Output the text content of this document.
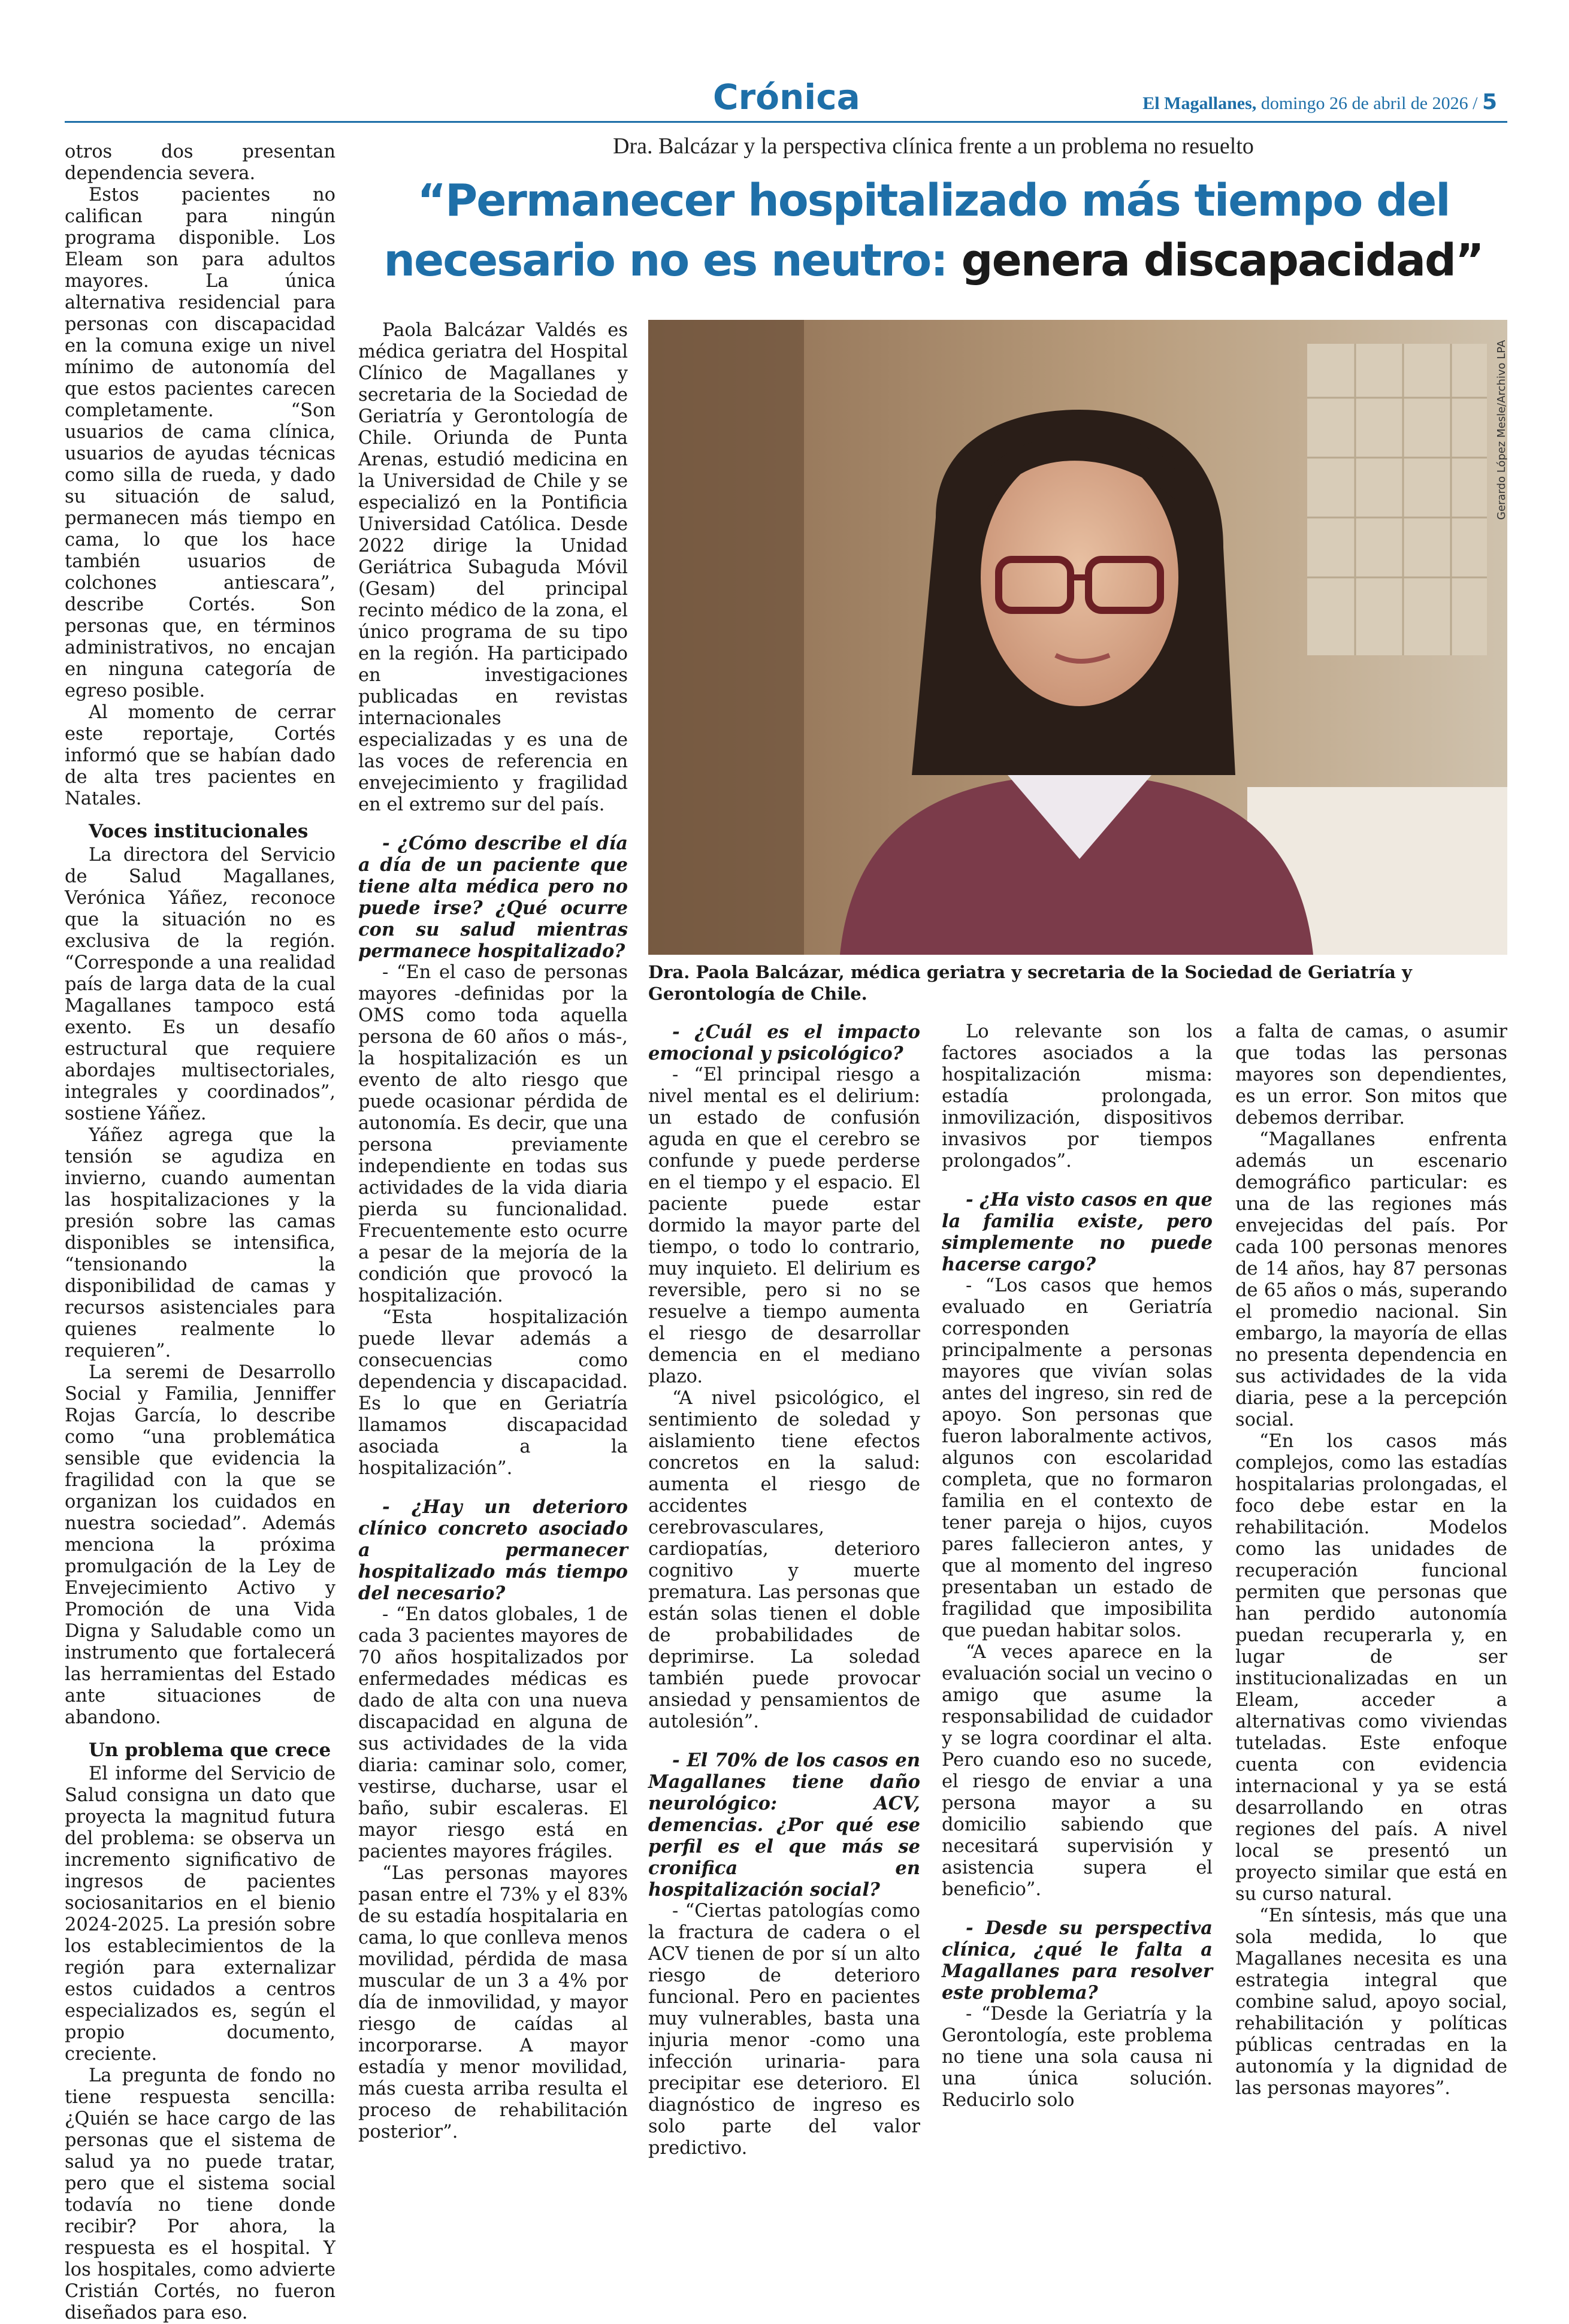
Crónica	El Magallanes, domingo 26 de abril de 2026 / 5
Dra. Balcázar y la perspectiva clínica frente a un problema no resuelto
“Permanecer hospitalizado más tiempo del
necesario no es neutro: genera discapacidad”

otros dos presentan dependencia severa.

Estos pacientes no califican para ningún programa disponible. Los Eleam son para adultos mayores. La única alternativa residencial para personas con discapacidad en la comuna exige un nivel mínimo de autonomía del que estos pacientes carecen completamente. “Son usuarios de cama clínica, usuarios de ayudas técnicas como silla de rueda, y dado su situación de salud, permanecen más tiempo en cama, lo que los hace también usuarios de colchones antiescara”, describe Cortés. Son personas que, en términos administrativos, no encajan en ninguna categoría de egreso posible.

Al momento de cerrar este reportaje, Cortés informó que se habían dado de alta tres pacientes en Natales.

Voces institucionales

La directora del Servicio de Salud Magallanes, Verónica Yáñez, reconoce que la situación no es exclusiva de la región. “Corresponde a una realidad país de larga data de la cual Magallanes tampoco está exento. Es un desafío estructural que requiere abordajes multisectoriales, integrales y coordinados”, sostiene Yáñez.

Yáñez agrega que la tensión se agudiza en invierno, cuando aumentan las hospitalizaciones y la presión sobre las camas disponibles se intensifica, “tensionando la disponibilidad de camas y recursos asistenciales para quienes realmente lo requieren”.

La seremi de Desarrollo Social y Familia, Jenniffer Rojas García, lo describe como “una problemática sensible que evidencia la fragilidad con la que se organizan los cuidados en nuestra sociedad”. Además menciona la próxima promulgación de la Ley de Envejecimiento Activo y Promoción de una Vida Digna y Saludable como un instrumento que fortalecerá las herramientas del Estado ante situaciones de abandono.

Un problema que crece

El informe del Servicio de Salud consigna un dato que proyecta la magnitud futura del problema: se observa un incremento significativo de ingresos de pacientes sociosanitarios en el bienio 2024-2025. La presión sobre los establecimientos de la región para externalizar estos cuidados a centros especializados es, según el propio documento, creciente.

La pregunta de fondo no tiene respuesta sencilla: ¿Quién se hace cargo de las personas que el sistema de salud ya no puede tratar, pero que el sistema social todavía no tiene donde recibir? Por ahora, la respuesta es el hospital. Y los hospitales, como advierte Cristián Cortés, no fueron diseñados para eso.

Paola Balcázar Valdés es médica geriatra del Hospital Clínico de Magallanes y secretaria de la Sociedad de Geriatría y Gerontología de Chile. Oriunda de Punta Arenas, estudió medicina en la Universidad de Chile y se especializó en la Pontificia Universidad Católica. Desde 2022 dirige la Unidad Geriátrica Subaguda Móvil (Gesam) del principal recinto médico de la zona, el único programa de su tipo en la región. Ha participado en investigaciones publicadas en revistas internacionales especializadas y es una de las voces de referencia en envejecimiento y fragilidad en el extremo sur del país.

- ¿Cómo describe el día a día de un paciente que tiene alta médica pero no puede irse? ¿Qué ocurre con su salud mientras permanece hospitalizado?

- “En el caso de personas mayores -definidas por la OMS como toda aquella persona de 60 años o más-, la hospitalización es un evento de alto riesgo que puede ocasionar pérdida de autonomía. Es decir, que una persona previamente independiente en todas sus actividades de la vida diaria pierda su funcionalidad. Frecuentemente esto ocurre a pesar de la mejoría de la condición que provocó la hospitalización.

“Esta hospitalización puede llevar además a consecuencias como dependencia y discapacidad. Es lo que en Geriatría llamamos discapacidad asociada a la hospitalización”.

- ¿Hay un deterioro clínico concreto asociado a permanecer hospitalizado más tiempo del necesario?

- “En datos globales, 1 de cada 3 pacientes mayores de 70 años hospitalizados por enfermedades médicas es dado de alta con una nueva discapacidad en alguna de sus actividades de la vida diaria: caminar solo, comer, vestirse, ducharse, usar el baño, subir escaleras. El mayor riesgo está en pacientes mayores frágiles.

“Las personas mayores pasan entre el 73% y el 83% de su estadía hospitalaria en cama, lo que conlleva menos movilidad, pérdida de masa muscular de un 3 a 4% por día de inmovilidad, y mayor riesgo de caídas al incorporarse. A mayor estadía y menor movilidad, más cuesta arriba resulta el proceso de rehabilitación posterior”.

Gerardo López Mesle/Archivo LPA
Dra. Paola Balcázar, médica geriatra y secretaria de la Sociedad de Geriatría y Gerontología de Chile.

- ¿Cuál es el impacto emocional y psicológico?

- “El principal riesgo a nivel mental es el delirium: un estado de confusión aguda en que el cerebro se confunde y puede perderse en el tiempo y el espacio. El paciente puede estar dormido la mayor parte del tiempo, o todo lo contrario, muy inquieto. El delirium es reversible, pero si no se resuelve a tiempo aumenta el riesgo de desarrollar demencia en el mediano plazo.

“A nivel psicológico, el sentimiento de soledad y aislamiento tiene efectos concretos en la salud: aumenta el riesgo de accidentes cerebrovasculares, cardiopatías, deterioro cognitivo y muerte prematura. Las personas que están solas tienen el doble de probabilidades de deprimirse. La soledad también puede provocar ansiedad y pensamientos de autolesión”.

- El 70% de los casos en Magallanes tiene daño neurológico: ACV, demencias. ¿Por qué ese perfil es el que más se cronifica en hospitalización social?

- “Ciertas patologías como la fractura de cadera o el ACV tienen de por sí un alto riesgo de deterioro funcional. Pero en pacientes muy vulnerables, basta una injuria menor -como una infección urinaria- para precipitar ese deterioro. El diagnóstico de ingreso es solo parte del valor predictivo.

Lo relevante son los factores asociados a la hospitalización misma: estadía prolongada, inmovilización, dispositivos invasivos por tiempos prolongados”.

- ¿Ha visto casos en que la familia existe, pero simplemente no puede hacerse cargo?

- “Los casos que hemos evaluado en Geriatría corresponden principalmente a personas mayores que vivían solas antes del ingreso, sin red de apoyo. Son personas que fueron laboralmente activos, algunos con escolaridad completa, que no formaron familia en el contexto de tener pareja o hijos, cuyos pares fallecieron antes, y que al momento del ingreso presentaban un estado de fragilidad que imposibilita que puedan habitar solos.

“A veces aparece en la evaluación social un vecino o amigo que asume la responsabilidad de cuidador y se logra coordinar el alta. Pero cuando eso no sucede, el riesgo de enviar a una persona mayor a su domicilio sabiendo que necesitará supervisión y asistencia supera el beneficio”.

- Desde su perspectiva clínica, ¿qué le falta a Magallanes para resolver este problema?

- “Desde la Geriatría y la Gerontología, este problema no tiene una sola causa ni una única solución. Reducirlo solo

a falta de camas, o asumir que todas las personas mayores son dependientes, es un error. Son mitos que debemos derribar.

“Magallanes enfrenta además un escenario demográfico particular: es una de las regiones más envejecidas del país. Por cada 100 personas menores de 14 años, hay 87 personas de 65 años o más, superando el promedio nacional. Sin embargo, la mayoría de ellas no presenta dependencia en sus actividades de la vida diaria, pese a la percepción social.

“En los casos más complejos, como las estadías hospitalarias prolongadas, el foco debe estar en la rehabilitación. Modelos como las unidades de recuperación funcional permiten que personas que han perdido autonomía puedan recuperarla y, en lugar de ser institucionalizadas en un Eleam, acceder a alternativas como viviendas tuteladas. Este enfoque cuenta con evidencia internacional y ya se está desarrollando en otras regiones del país. A nivel local se presentó un proyecto similar que está en su curso natural.

“En síntesis, más que una sola medida, lo que Magallanes necesita es una estrategia integral que combine salud, apoyo social, rehabilitación y políticas públicas centradas en la autonomía y la dignidad de las personas mayores”.
